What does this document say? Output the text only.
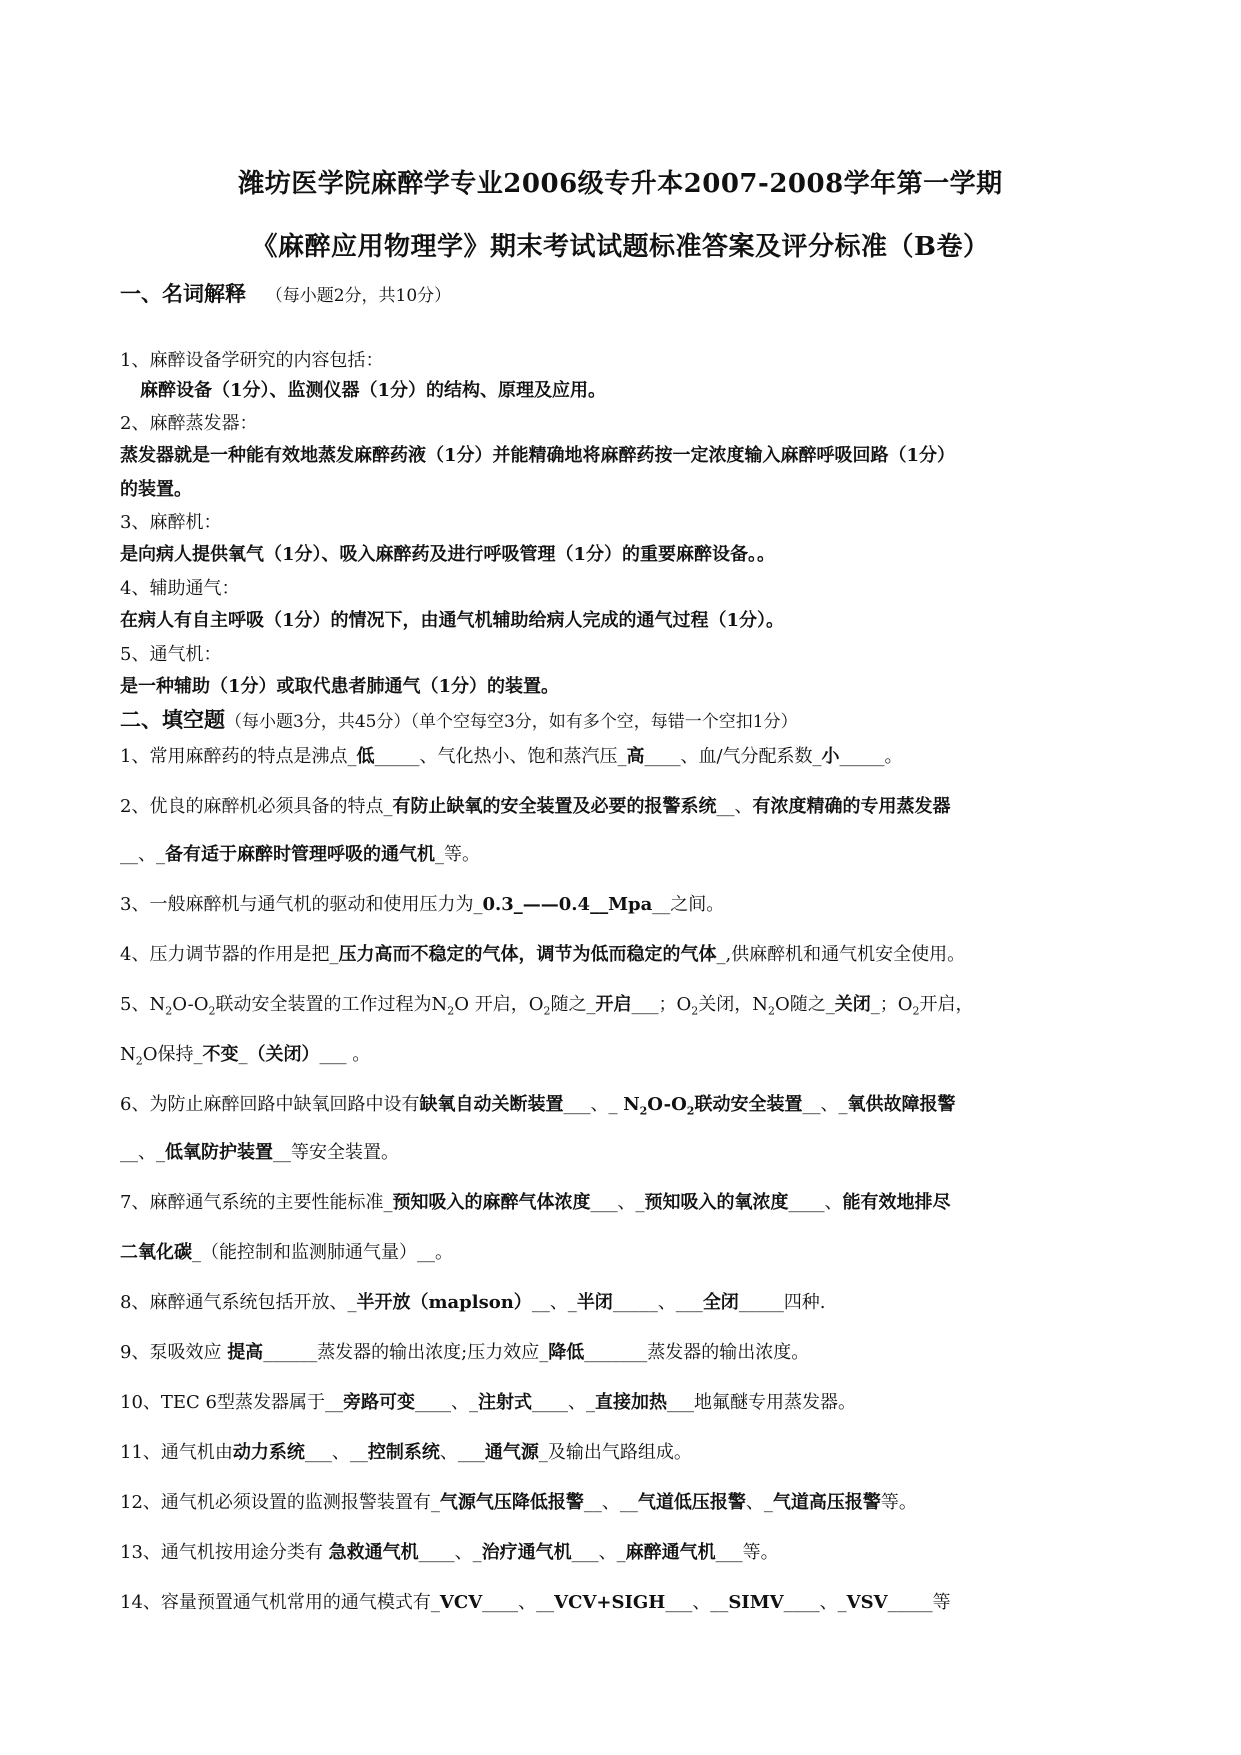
潍坊医学院麻醉学专业2006级专升本2007-2008学年第一学期
《麻醉应用物理学》期末考试试题标准答案及评分标准（B卷）
一、名词解释 （每小题2分，共10分）
1、麻醉设备学研究的内容包括：
麻醉设备（1分）、监测仪器（1分）的结构、原理及应用。
2、麻醉蒸发器：
蒸发器就是一种能有效地蒸发麻醉药液（1分）并能精确地将麻醉药按一定浓度输入麻醉呼吸回路（1分）
的装置。
3、麻醉机：
是向病人提供氧气（1分）、吸入麻醉药及进行呼吸管理（1分）的重要麻醉设备。。
4、辅助通气：
在病人有自主呼吸（1分）的情况下，由通气机辅助给病人完成的通气过程（1分）。
5、通气机：
是一种辅助（1分）或取代患者肺通气（1分）的装置。
二、填空题（每小题3分，共45分）（单个空每空3分，如有多个空，每错一个空扣1分）
1、常用麻醉药的特点是沸点_低_____、气化热小、饱和蒸汽压_高____、血/气分配系数_小_____。
2、优良的麻醉机必须具备的特点_有防止缺氧的安全装置及必要的报警系统__、有浓度精确的专用蒸发器
__、_备有适于麻醉时管理呼吸的通气机_等。
3、一般麻醉机与通气机的驱动和使用压力为_0.3_——0.4__Mpa__之间。
4、压力调节器的作用是把_压力高而不稳定的气体，调节为低而稳定的气体_,供麻醉机和通气机安全使用。
5、$N_2O-O_2$联动安全装置的工作过程为$N_2O$ 开启，$O_2$随之_开启___；$O_2$关闭，$N_2O$随之_关闭_；$O_2$开启，
$N_2O$保持_不变_（关闭）___ 。
6、为防止麻醉回路中缺氧回路中设有缺氧自动关断装置___、_ $N_2O-O_2$联动安全装置__、_氧供故障报警
__、_低氧防护装置__等安全装置。
7、麻醉通气系统的主要性能标准_预知吸入的麻醉气体浓度___、_预知吸入的氧浓度____、能有效地排尽
二氧化碳_（能控制和监测肺通气量）__。
8、麻醉通气系统包括开放、_半开放（maplson）__、_半闭_____、___全闭_____四种.
9、泵吸效应 提高______蒸发器的输出浓度;压力效应_降低_______蒸发器的输出浓度。
10、TEC 6型蒸发器属于__旁路可变____、_注射式____、_直接加热___地氟醚专用蒸发器。
11、通气机由动力系统___、__控制系统、___通气源_及输出气路组成。
12、通气机必须设置的监测报警装置有_气源气压降低报警__、__气道低压报警、_气道高压报警等。
13、通气机按用途分类有 急救通气机____、_治疗通气机___、_麻醉通气机___等。
14、容量预置通气机常用的通气模式有_VCV____、__VCV+SIGH___、__SIMV____、_VSV_____等
